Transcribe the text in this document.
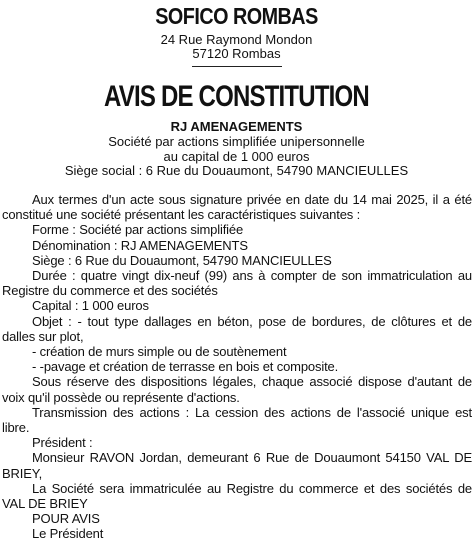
SOFICO ROMBAS
24 Rue Raymond Mondon
57120 Rombas
AVIS DE CONSTITUTION
RJ AMENAGEMENTS
Société par actions simplifiée unipersonnelle
au capital de 1 000 euros
Siège social : 6 Rue du Douaumont, 54790 MANCIEULLES

Aux termes d'un acte sous signature privée en date du 14 mai 2025, il a été constitué une société présentant les caractéristiques suivantes :

Forme : Société par actions simplifiée

Dénomination : RJ AMENAGEMENTS

Siège : 6 Rue du Douaumont, 54790 MANCIEULLES

Durée : quatre vingt dix-neuf (99) ans à compter de son immatriculation au Registre du commerce et des sociétés

Capital : 1 000 euros

Objet : - tout type dallages en béton, pose de bordures, de clôtures et de dalles sur plot,

- création de murs simple ou de soutènement

- -pavage et création de terrasse en bois et composite.

Sous réserve des dispositions légales, chaque associé dispose d'autant de voix qu'il possède ou représente d'actions.

Transmission des actions : La cession des actions de l'associé unique est libre.

Président :

Monsieur RAVON Jordan, demeurant 6 Rue de Douaumont 54150 VAL DE BRIEY,

La Société sera immatriculée au Registre du commerce et des sociétés de VAL DE BRIEY

POUR AVIS

Le Président
